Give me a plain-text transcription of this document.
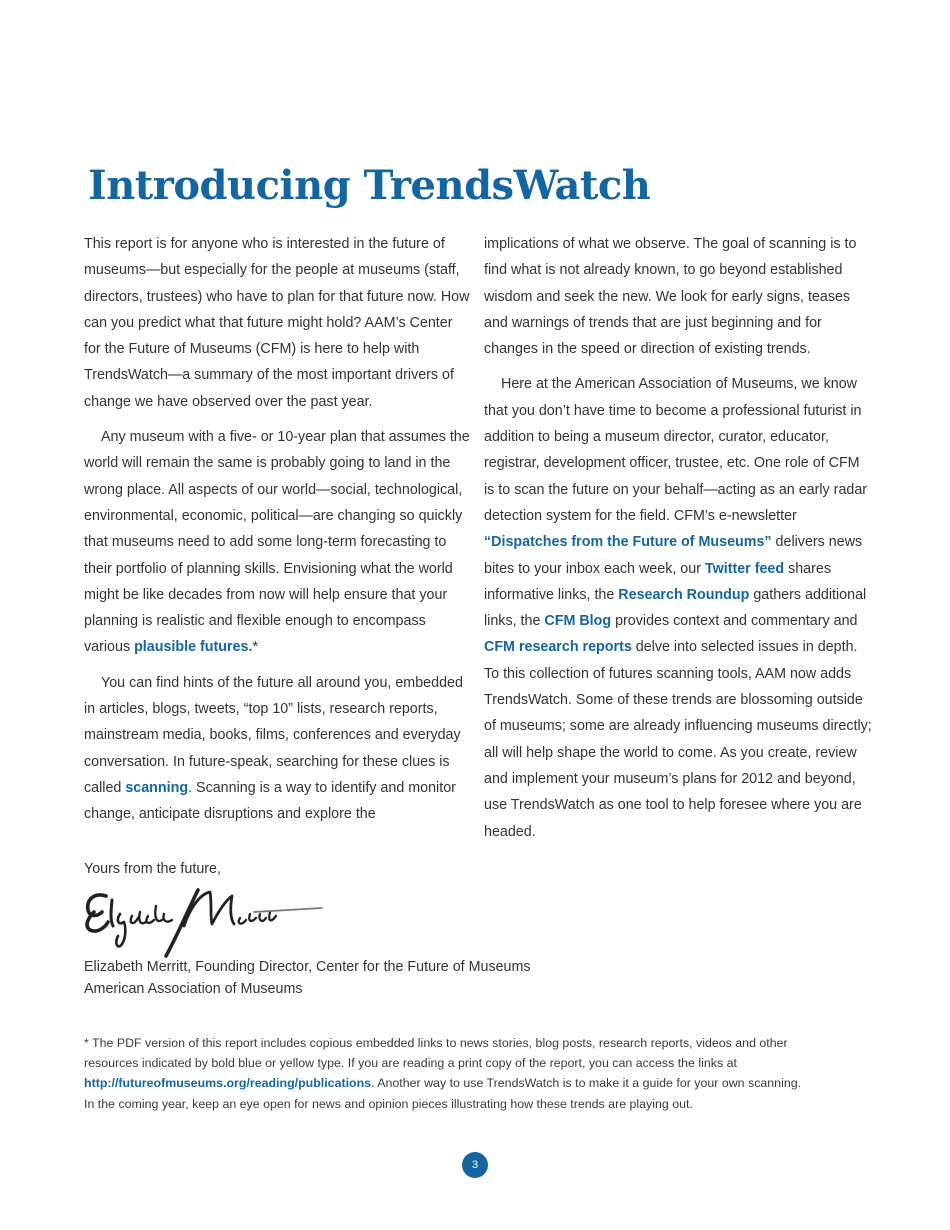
Introducing TrendsWatch

This report is for anyone who is interested in the future of museums—but especially for the people at museums (staff, directors, trustees) who have to plan for that future now. How can you predict what that future might hold? AAM’s Center for the Future of Museums (CFM) is here to help with TrendsWatch—a summary of the most important drivers of change we have observed over the past year.

Any museum with a five- or 10-year plan that assumes the world will remain the same is probably going to land in the wrong place. All aspects of our world—social, technological, environmental, economic, political—are changing so quickly that museums need to add some long-term forecasting to their portfolio of planning skills. Envisioning what the world might be like decades from now will help ensure that your planning is realistic and flexible enough to encompass various plausible futures.*

You can find hints of the future all around you, embedded in articles, blogs, tweets, “top 10” lists, research reports, mainstream media, books, films, conferences and everyday conversation. In future-speak, searching for these clues is called scanning. Scanning is a way to identify and monitor change, anticipate disruptions and explore the

implications of what we observe. The goal of scanning is to find what is not already known, to go beyond established wisdom and seek the new. We look for early signs, teases and warnings of trends that are just beginning and for changes in the speed or direction of existing trends.

Here at the American Association of Museums, we know that you don’t have time to become a professional futurist in addition to being a museum director, curator, educator, registrar, development officer, trustee, etc. One role of CFM is to scan the future on your behalf—acting as an early radar detection system for the field. CFM’s e-newsletter “Dispatches from the Future of Museums” delivers news bites to your inbox each week, our Twitter feed shares informative links, the Research Roundup gathers additional links, the CFM Blog provides context and commentary and CFM research reports delve into selected issues in depth. To this collection of futures scanning tools, AAM now adds TrendsWatch. Some of these trends are blossoming outside of museums; some are already influencing museums directly; all will help shape the world to come. As you create, review and implement your museum’s plans for 2012 and beyond, use TrendsWatch as one tool to help foresee where you are headed.

Yours from the future,
Elizabeth Merritt, Founding Director, Center for the Future of Museums
American Association of Museums
* The PDF version of this report includes copious embedded links to news stories, blog posts, research reports, videos and other resources indicated by bold blue or yellow type. If you are reading a print copy of the report, you can access the links at http://futureofmuseums.org/reading/publications. Another way to use TrendsWatch is to make it a guide for your own scanning. In the coming year, keep an eye open for news and opinion pieces illustrating how these trends are playing out.
3
